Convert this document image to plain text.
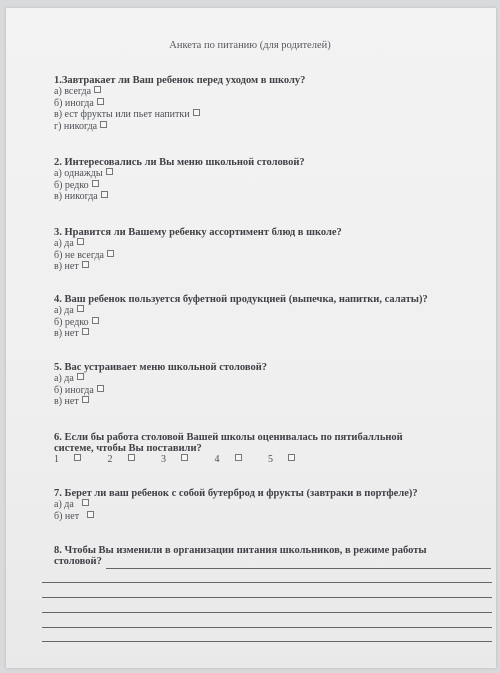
Анкета по питанию (для родителей)

1.Завтракает ли Ваш ребенок перед уходом в школу?

а) всегда

б) иногда

в) ест фрукты или пьет напитки

г) никогда

2. Интересовались ли Вы меню школьной столовой?

а) однажды

б) редко

в) никогда

3. Нравится ли Вашему ребенку ассортимент блюд в школе?

а) да

б) не всегда

в) нет

4. Ваш ребенок пользуется буфетной продукцией (выпечка, напитки, салаты)?

а) да

б) редко

в) нет

5. Вас устраивает меню школьной столовой?

а) да

б) иногда

в) нет

6. Если бы работа столовой Вашей школы оценивалась по пятибалльной

системе, чтобы Вы поставили?

1	2	3	4	5

7. Берет ли ваш ребенок с собой бутерброд и фрукты (завтраки в портфеле)?

а) да

б) нет

8. Чтобы Вы изменили в организации питания школьников, в режиме работы

столовой?
